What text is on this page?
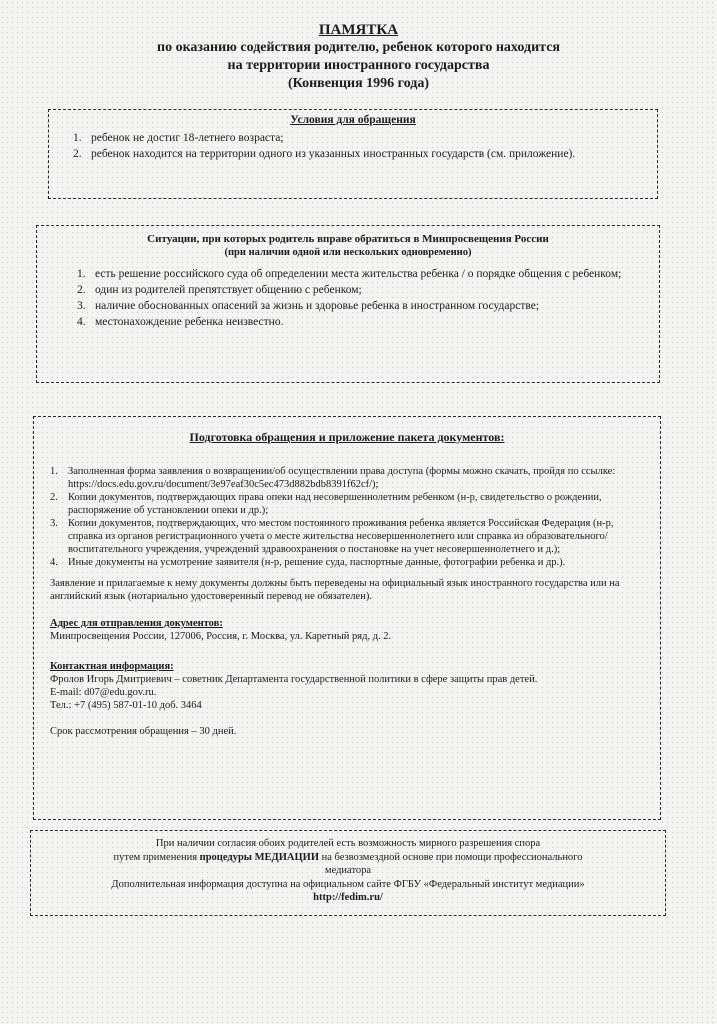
ПАМЯТКА
по оказанию содействия родителю, ребенок которого находится
на территории иностранного государства
(Конвенция 1996 года)
Условия для обращения
1. ребенок не достиг 18-летнего возраста;
2. ребенок находится на территории одного из указанных иностранных государств (см. приложение).
Ситуации, при которых родитель вправе обратиться в Минпросвещения России
(при наличии одной или нескольких одновременно)
1. есть решение российского суда об определении места жительства ребенка / о порядке общения с ребенком;
2. один из родителей препятствует общению с ребенком;
3. наличие обоснованных опасений за жизнь и здоровье ребенка в иностранном государстве;
4. местонахождение ребенка неизвестно.
Подготовка обращения и приложение пакета документов:
1. Заполненная форма заявления о возвращении/об осуществлении права доступа (формы можно скачать, пройдя по ссылке: https://docs.edu.gov.ru/document/3e97eaf30c5ec473d882bdb8391f62cf/);
2. Копии документов, подтверждающих права опеки над несовершеннолетним ребенком (н-р, свидетельство о рождении, распоряжение об установлении опеки и др.);
3. Копии документов, подтверждающих, что местом постоянного проживания ребенка является Российская Федерация (н-р, справка из органов регистрационного учета о месте жительства несовершеннолетнего или справка из образовательного/воспитательного учреждения, учреждений здравоохранения о постановке на учет несовершеннолетнего и д.);
4. Иные документы на усмотрение заявителя (н-р, решение суда, паспортные данные, фотографии ребенка и др.).

Заявление и прилагаемые к нему документы должны быть переведены на официальный язык иностранного государства или на английский язык (нотариально удостоверенный перевод не обязателен).

Адрес для отправления документов:

Минпросвещения России, 127006, Россия, г. Москва, ул. Каретный ряд, д. 2.

Контактная информация:

Фролов Игорь Дмитриевич – советник Департамента государственной политики в сфере защиты прав детей.

E-mail: d07@edu.gov.ru.

Тел.: +7 (495) 587-01-10 доб. 3464

Срок рассмотрения обращения – 30 дней.

При наличии согласия обоих родителей есть возможность мирного разрешения спора
путем применения процедуры МЕДИАЦИИ на безвозмездной основе при помощи профессионального
медиатора
Дополнительная информация доступна на официальном сайте ФГБУ «Федеральный институт медиации»
http://fedim.ru/
